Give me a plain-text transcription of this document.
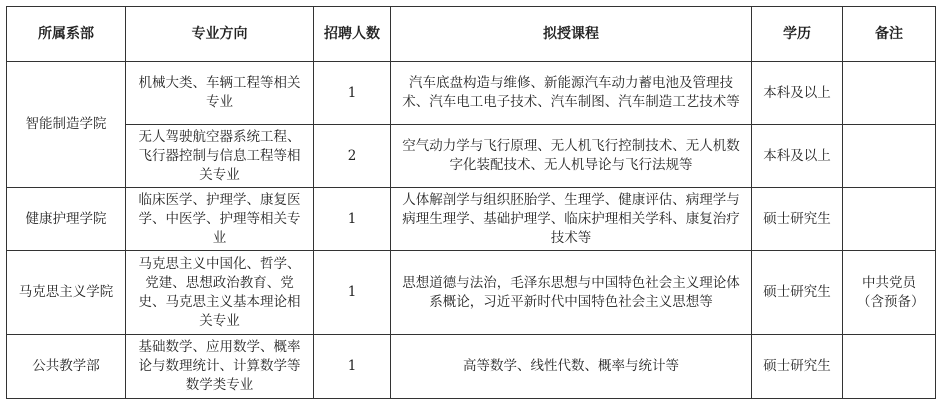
所属系部	专业方向	招聘人数	拟授课程	学历	备注
智能制造学院	机械大类、车辆工程等相关专业	1	汽车底盘构造与维修、新能源汽车动力蓄电池及管理技术、汽车电工电子技术、汽车制图、汽车制造工艺技术等	本科及以上	
	无人驾驶航空器系统工程、飞行器控制与信息工程等相关专业	2	空气动力学与飞行原理、无人机飞行控制技术、无人机数字化装配技术、无人机导论与飞行法规等	本科及以上	
健康护理学院	临床医学、护理学、康复医学、中医学、护理等相关专业	1	人体解剖学与组织胚胎学、生理学、健康评估、病理学与病理生理学、基础护理学、临床护理相关学科、康复治疗技术等	硕士研究生	
马克思主义学院	马克思主义中国化、哲学、党建、思想政治教育、党史、马克思主义基本理论相关专业	1	思想道德与法治，毛泽东思想与中国特色社会主义理论体系概论，习近平新时代中国特色社会主义思想等	硕士研究生	中共党员（含预备）
公共教学部	基础数学、应用数学、概率论与数理统计、计算数学等数学类专业	1	高等数学、线性代数、概率与统计等	硕士研究生	
